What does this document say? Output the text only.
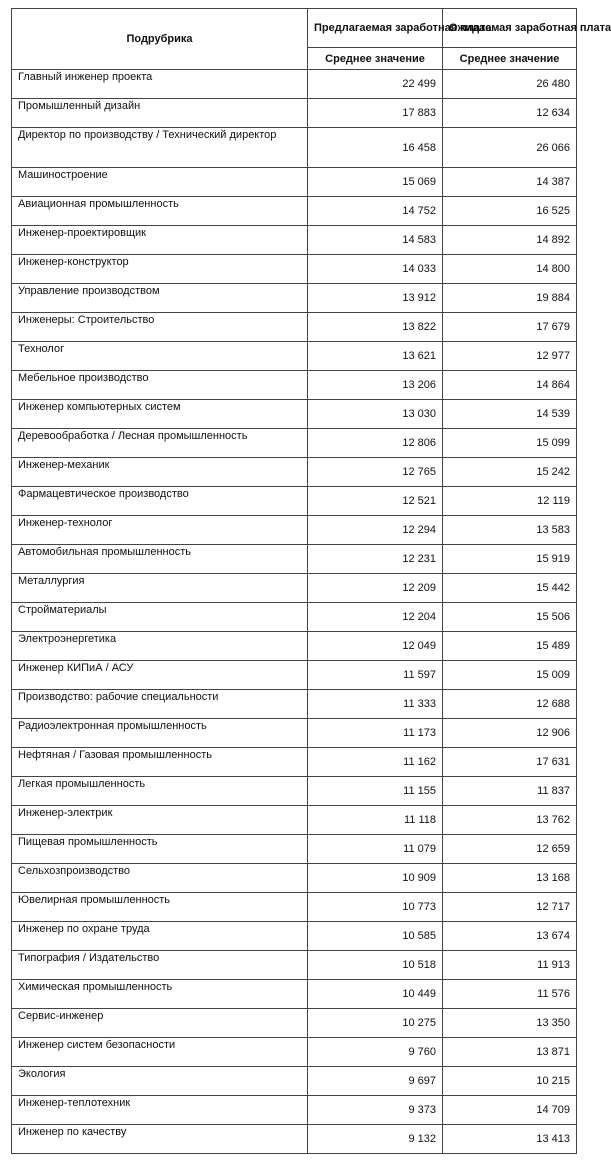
Подрубрика	Предлагаемая заработная плата	Ожидаемая заработная плата
	Среднее значение	Среднее значение
Главный инженер проекта	22 499	26 480
Промышленный дизайн	17 883	12 634
Директор по производству / Технический директор	16 458	26 066
Машиностроение	15 069	14 387
Авиационная промышленность	14 752	16 525
Инженер-проектировщик	14 583	14 892
Инженер-конструктор	14 033	14 800
Управление производством	13 912	19 884
Инженеры: Строительство	13 822	17 679
Технолог	13 621	12 977
Мебельное производство	13 206	14 864
Инженер компьютерных систем	13 030	14 539
Деревообработка / Лесная промышленность	12 806	15 099
Инженер-механик	12 765	15 242
Фармацевтическое производство	12 521	12 119
Инженер-технолог	12 294	13 583
Автомобильная промышленность	12 231	15 919
Металлургия	12 209	15 442
Стройматериалы	12 204	15 506
Электроэнергетика	12 049	15 489
Инженер КИПиА / АСУ	11 597	15 009
Производство: рабочие специальности	11 333	12 688
Радиоэлектронная промышленность	11 173	12 906
Нефтяная / Газовая промышленность	11 162	17 631
Легкая промышленность	11 155	11 837
Инженер-электрик	11 118	13 762
Пищевая промышленность	11 079	12 659
Сельхозпроизводство	10 909	13 168
Ювелирная промышленность	10 773	12 717
Инженер по охране труда	10 585	13 674
Типография / Издательство	10 518	11 913
Химическая промышленность	10 449	11 576
Сервис-инженер	10 275	13 350
Инженер систем безопасности	9 760	13 871
Экология	9 697	10 215
Инженер-теплотехник	9 373	14 709
Инженер по качеству	9 132	13 413
